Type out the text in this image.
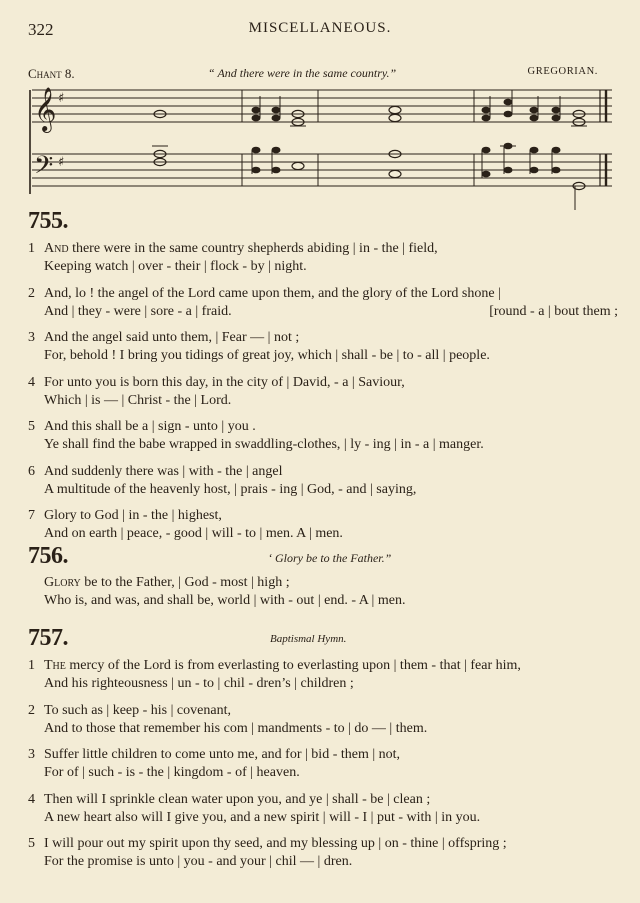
322	MISCELLANEOUS.
Chant 8.	“ And there were in the same country.”	GREGORIAN.
𝄞
𝄢
♯
♯
755.
1 And there were in the same country shepherds abiding | in - the | field,
Keeping watch | over - their | flock - by | night.
2 And, lo ! the angel of the Lord came upon them, and the glory of the Lord shone |
And | they - were | sore - a | fraid.	[round - a | bout them ;
3 And the angel said unto them, | Fear — | not ;
For, behold ! I bring you tidings of great joy, which | shall - be | to - all | people.
4 For unto you is born this day, in the city of | David, - a | Saviour,
Which | is — | Christ - the | Lord.
5 And this shall be a | sign - unto | you .
Ye shall find the babe wrapped in swaddling-clothes, | ly - ing | in - a | manger.
6 And suddenly there was | with - the | angel
A multitude of the heavenly host, | prais - ing | God, - and | saying,
7 Glory to God | in - the | highest,
And on earth | peace, - good | will - to | men. A | men.
756.	‘ Glory be to the Father.”
Glory be to the Father, | God - most | high ;
Who is, and was, and shall be, world | with - out | end. - A | men.
757.	Baptismal Hymn.
1 The mercy of the Lord is from everlasting to everlasting upon | them - that | fear him,
And his righteousness | un - to | chil - dren’s | children ;
2 To such as | keep - his | covenant,
And to those that remember his com | mandments - to | do — | them.
3 Suffer little children to come unto me, and for | bid - them | not,
For of | such - is - the | kingdom - of | heaven.
4 Then will I sprinkle clean water upon you, and ye | shall - be | clean ;
A new heart also will I give you, and a new spirit | will - I | put - with | in you.
5 I will pour out my spirit upon thy seed, and my blessing up | on - thine | offspring ;
For the promise is unto | you - and your | chil — | dren.
